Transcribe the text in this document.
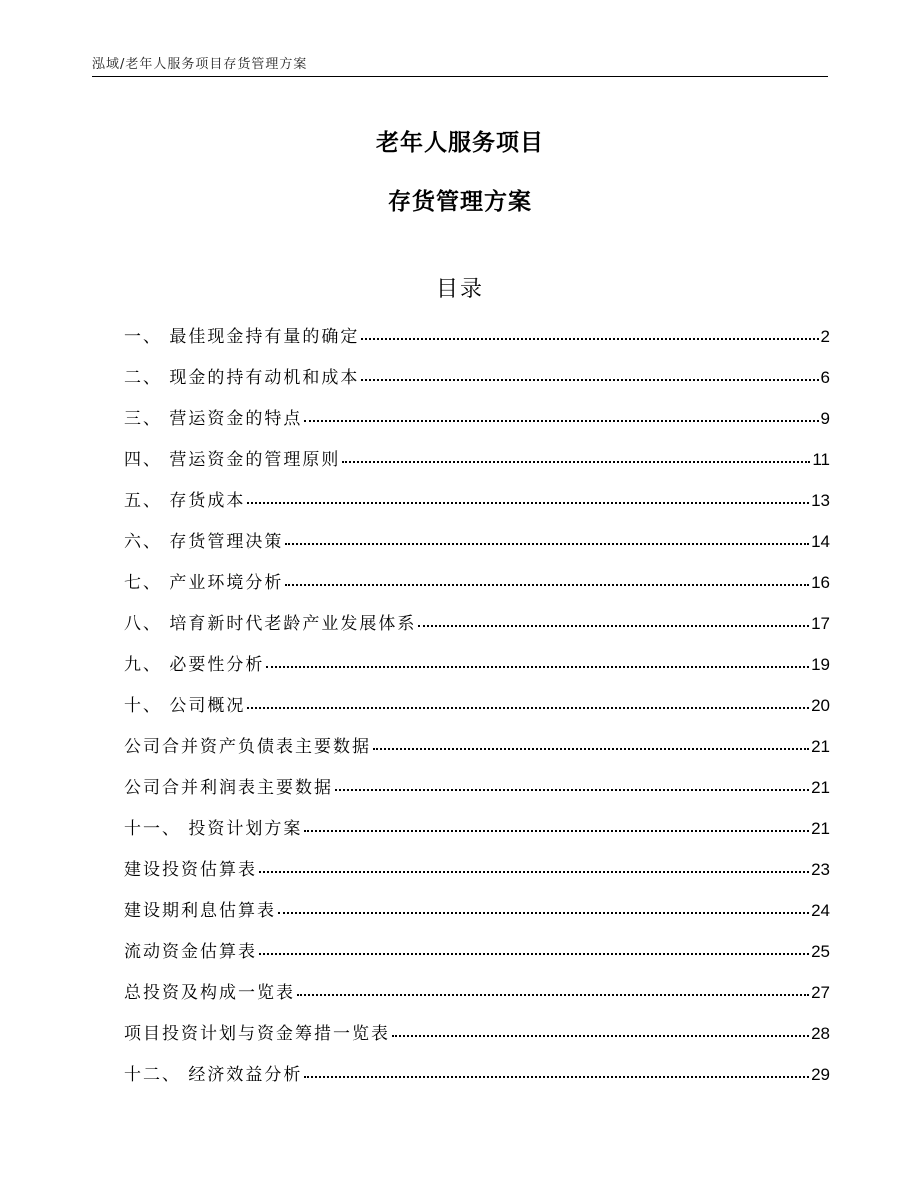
泓域/老年人服务项目存货管理方案
老年人服务项目
存货管理方案
目录
一、 最佳现金持有量的确定	2
二、 现金的持有动机和成本	6
三、 营运资金的特点	9
四、 营运资金的管理原则	11
五、 存货成本	13
六、 存货管理决策	14
七、 产业环境分析	16
八、 培育新时代老龄产业发展体系	17
九、 必要性分析	19
十、 公司概况	20
公司合并资产负债表主要数据	21
公司合并利润表主要数据	21
十一、 投资计划方案	21
建设投资估算表	23
建设期利息估算表	24
流动资金估算表	25
总投资及构成一览表	27
项目投资计划与资金筹措一览表	28
十二、 经济效益分析	29
